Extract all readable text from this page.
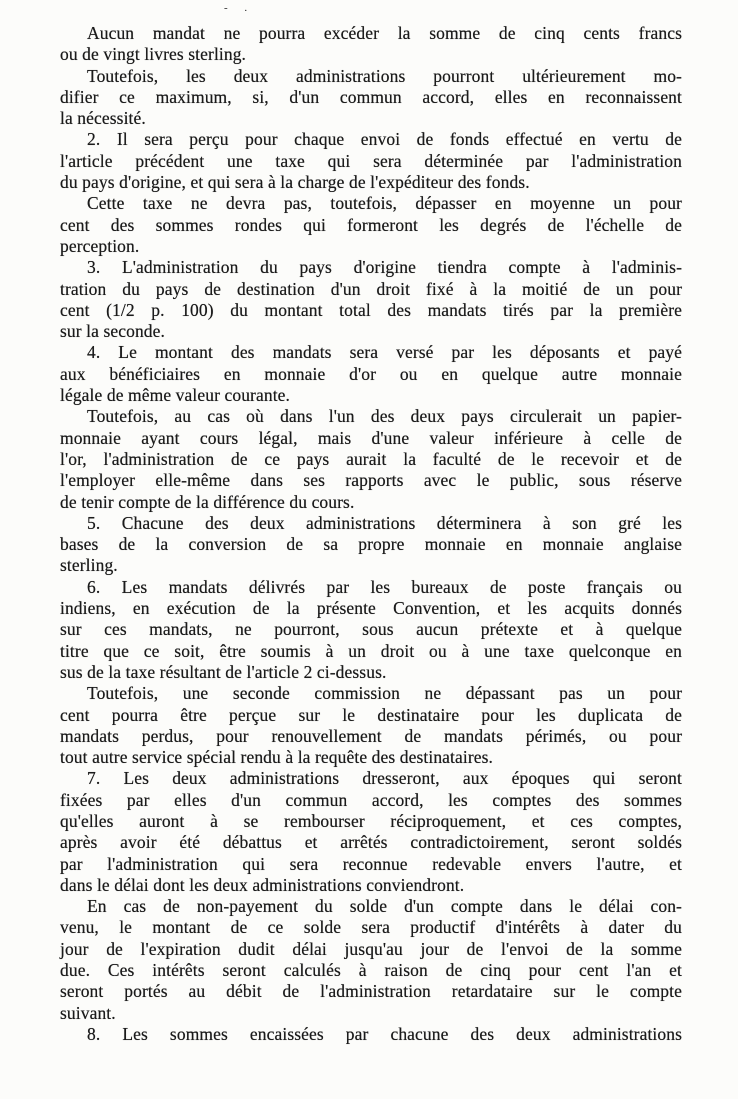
- .
Aucun mandat ne pourra excéder la somme de cinq cents francs
ou de vingt livres sterling.
Toutefois, les deux administrations pourront ultérieurement mo-
difier ce maximum, si, d'un commun accord, elles en reconnaissent
la nécessité.
2. Il sera perçu pour chaque envoi de fonds effectué en vertu de
l'article précédent une taxe qui sera déterminée par l'administration
du pays d'origine, et qui sera à la charge de l'expéditeur des fonds.
Cette taxe ne devra pas, toutefois, dépasser en moyenne un pour
cent des sommes rondes qui formeront les degrés de l'échelle de
perception.
3. L'administration du pays d'origine tiendra compte à l'adminis-
tration du pays de destination d'un droit fixé à la moitié de un pour
cent (1/2 p. 100) du montant total des mandats tirés par la première
sur la seconde.
4. Le montant des mandats sera versé par les déposants et payé
aux bénéficiaires en monnaie d'or ou en quelque autre monnaie
légale de même valeur courante.
Toutefois, au cas où dans l'un des deux pays circulerait un papier-
monnaie ayant cours légal, mais d'une valeur inférieure à celle de
l'or, l'administration de ce pays aurait la faculté de le recevoir et de
l'employer elle-même dans ses rapports avec le public, sous réserve
de tenir compte de la différence du cours.
5. Chacune des deux administrations déterminera à son gré les
bases de la conversion de sa propre monnaie en monnaie anglaise
sterling.
6. Les mandats délivrés par les bureaux de poste français ou
indiens, en exécution de la présente Convention, et les acquits donnés
sur ces mandats, ne pourront, sous aucun prétexte et à quelque
titre que ce soit, être soumis à un droit ou à une taxe quelconque en
sus de la taxe résultant de l'article 2 ci-dessus.
Toutefois, une seconde commission ne dépassant pas un pour
cent pourra être perçue sur le destinataire pour les duplicata de
mandats perdus, pour renouvellement de mandats périmés, ou pour
tout autre service spécial rendu à la requête des destinataires.
7. Les deux administrations dresseront, aux époques qui seront
fixées par elles d'un commun accord, les comptes des sommes
qu'elles auront à se rembourser réciproquement, et ces comptes,
après avoir été débattus et arrêtés contradictoirement, seront soldés
par l'administration qui sera reconnue redevable envers l'autre, et
dans le délai dont les deux administrations conviendront.
En cas de non-payement du solde d'un compte dans le délai con-
venu, le montant de ce solde sera productif d'intérêts à dater du
jour de l'expiration dudit délai jusqu'au jour de l'envoi de la somme
due. Ces intérêts seront calculés à raison de cinq pour cent l'an et
seront portés au débit de l'administration retardataire sur le compte
suivant.
8. Les sommes encaissées par chacune des deux administrations
